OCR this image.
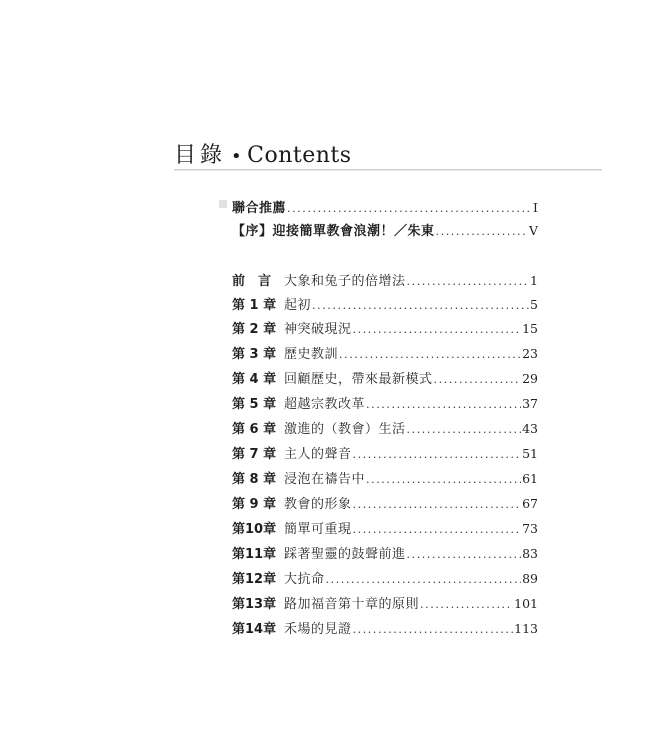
目錄 • Contents
聯合推薦 .....	I
【序】迎接簡單教會浪潮！／朱東 .....	V
前　言 大象和兔子的倍增法 .....	1
第 1 章 起初 .....	5
第 2 章 神突破現況 .....	15
第 3 章 歷史教訓 .....	23
第 4 章 回顧歷史，帶來最新模式 .....	29
第 5 章 超越宗教改革 .....	37
第 6 章 激進的（教會）生活 .....	43
第 7 章 主人的聲音 .....	51
第 8 章 浸泡在禱告中 .....	61
第 9 章 教會的形象 .....	67
第10章 簡單可重現 .....	73
第11章 踩著聖靈的鼓聲前進 .....	83
第12章 大抗命 .....	89
第13章 路加福音第十章的原則 .....	101
第14章 禾場的見證 .....	113
